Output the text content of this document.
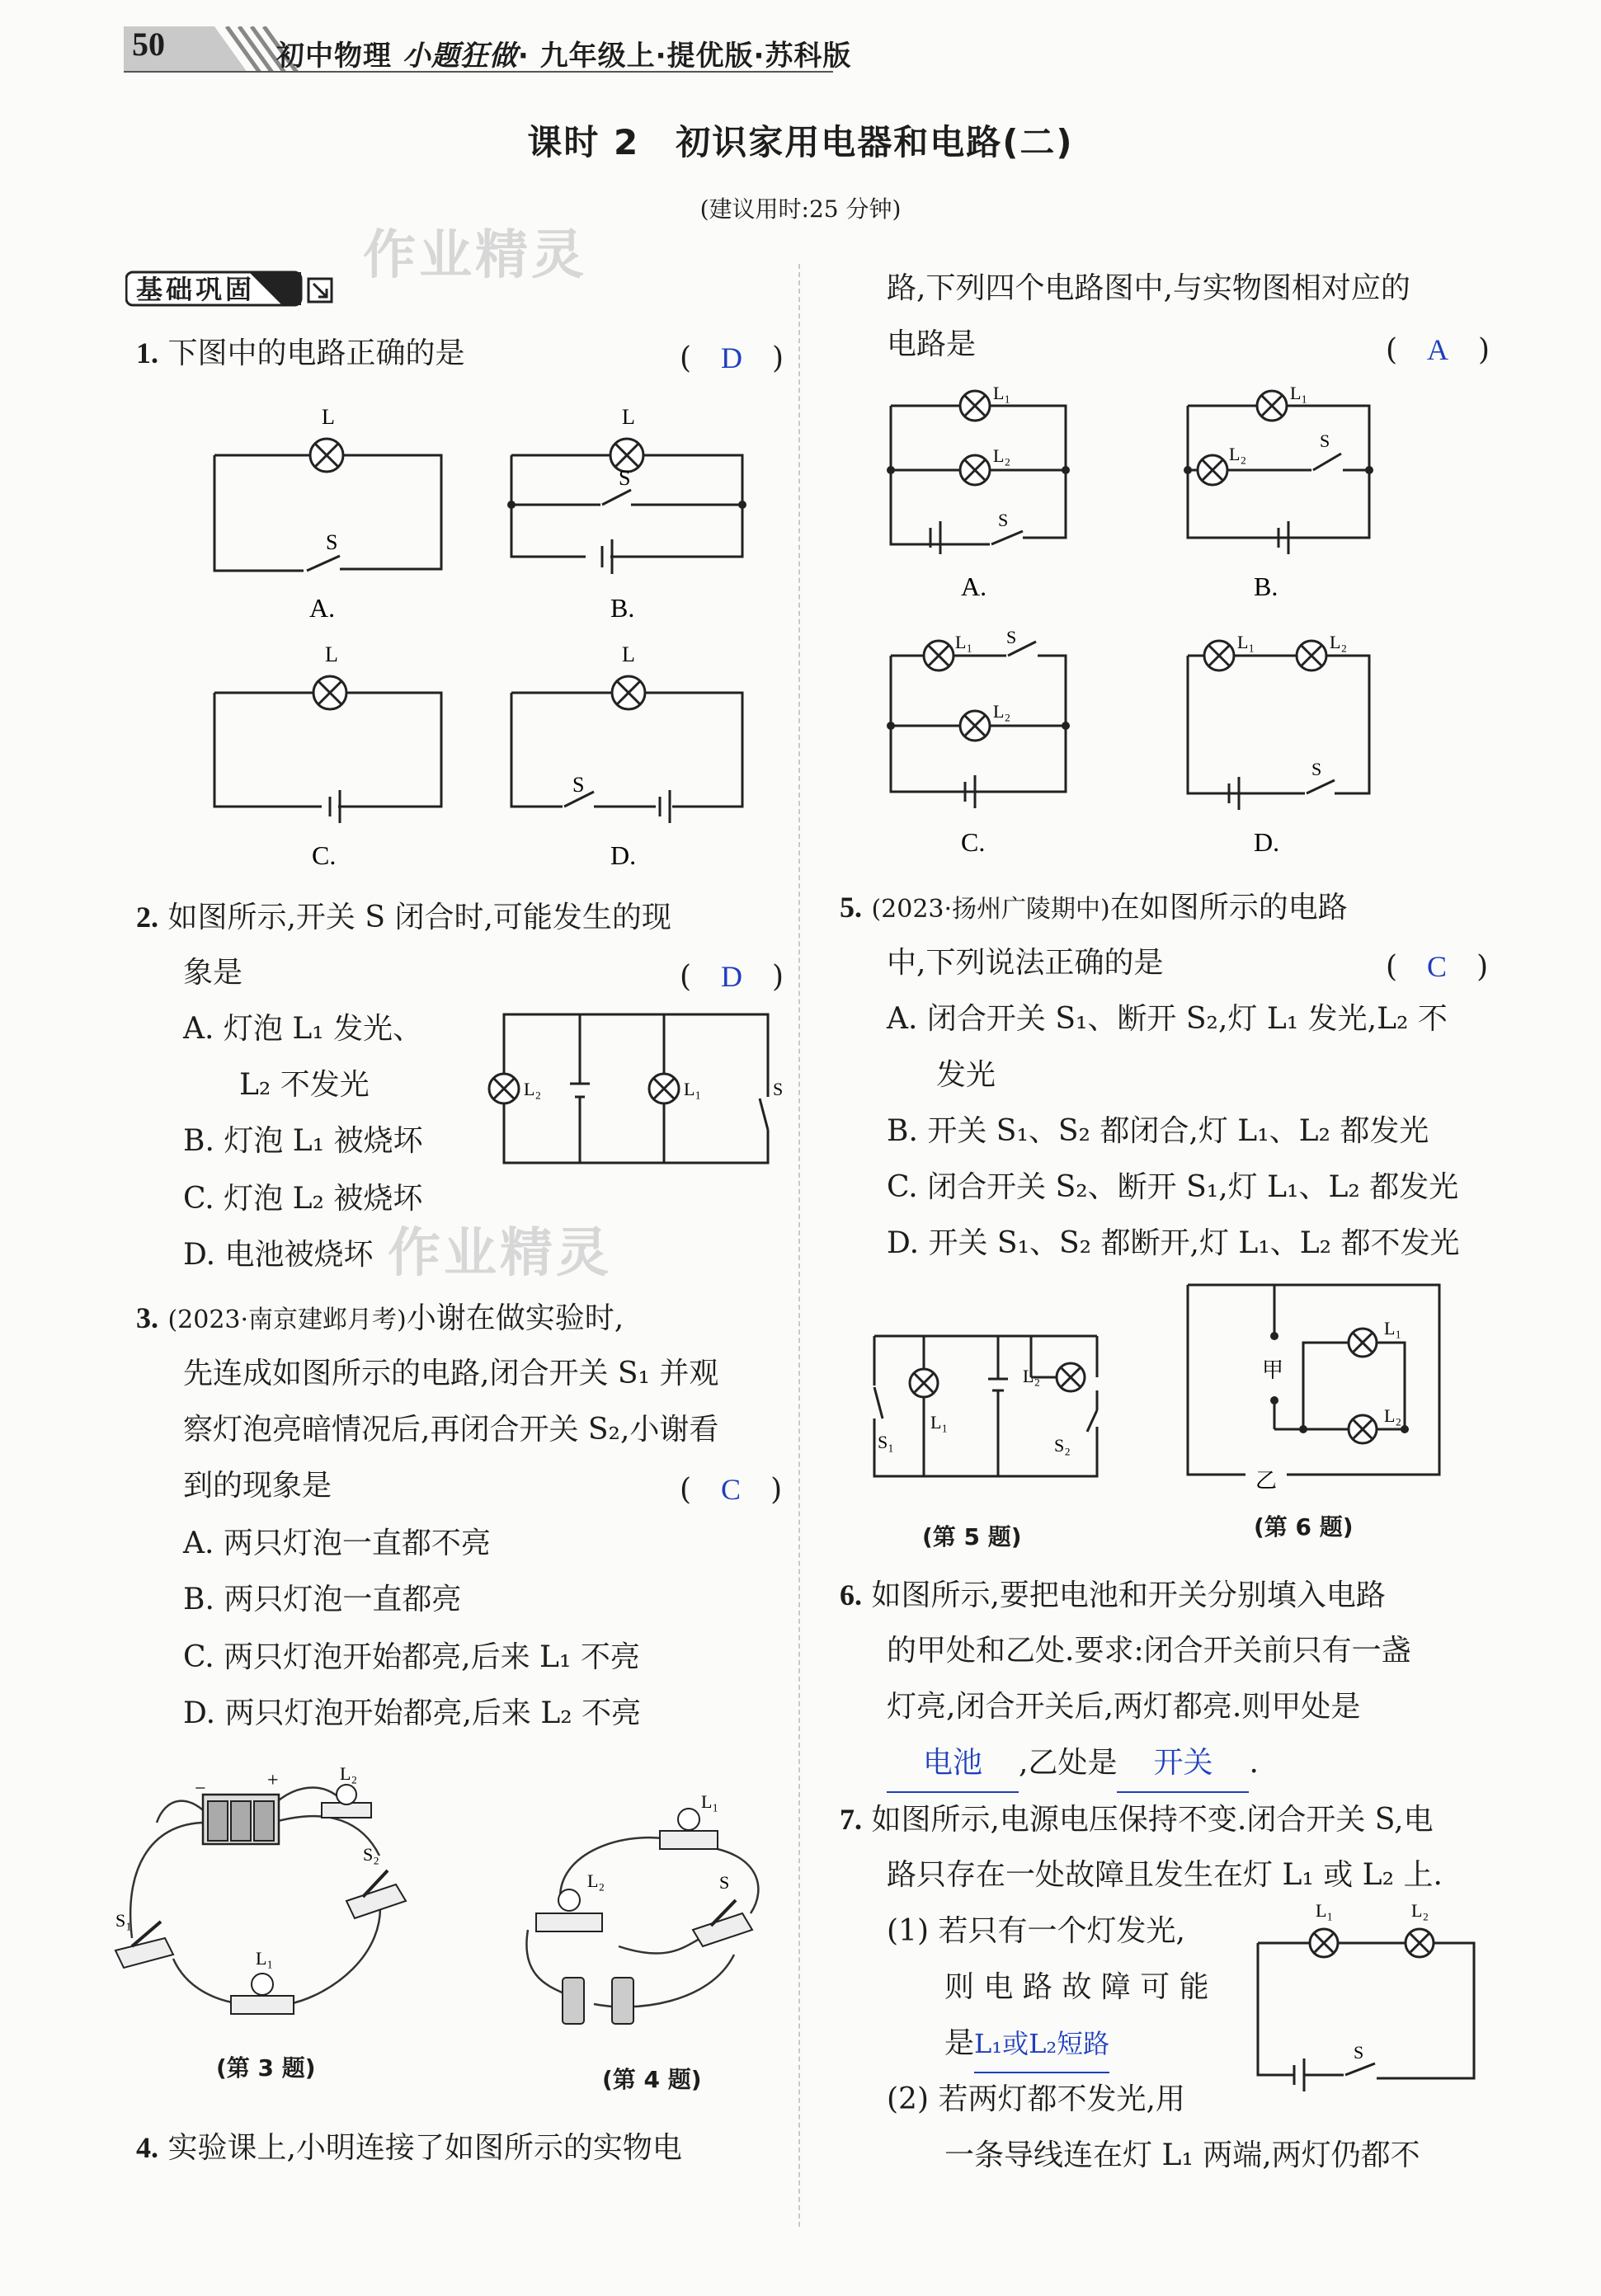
50	初中物理 小题狂做· 九年级上·提优版·苏科版
课时 2　初识家用电器和电路(二)
(建议用时:25 分钟)
作业精灵
作业精灵
基础巩固
1. 下图中的电路正确的是	(　D　)
L
S
L
S
L	L
S
A.	B.
C.	D.
2. 如图所示,开关 S 闭合时,可能发生的现
象是	(　D　)
A. 灯泡 L₁ 发光、
L₂ 不发光
B. 灯泡 L₁ 被烧坏
C. 灯泡 L₂ 被烧坏
D. 电池被烧坏
L₂	L₁	S
3. (2023·南京建邺月考)小谢在做实验时,
先连成如图所示的电路,闭合开关 S₁ 并观
察灯泡亮暗情况后,再闭合开关 S₂,小谢看
到的现象是	(　C　)
A. 两只灯泡一直都不亮
B. 两只灯泡一直都亮
C. 两只灯泡开始都亮,后来 L₁ 不亮
D. 两只灯泡开始都亮,后来 L₂ 不亮
−	+	L₂
S₁
S₂
L₁
(第 3 题)
L₁
L₂	S
(第 4 题)
4. 实验课上,小明连接了如图所示的实物电
路,下列四个电路图中,与实物图相对应的
电路是	(　A　)
L₁
L₂
S
L₁
L₂
S
L₁ S
L₂
L₁	L₂
S
A.	B.
C.	D.
5. (2023·扬州广陵期中)在如图所示的电路
中,下列说法正确的是	(　C　)
A. 闭合开关 S₁、断开 S₂,灯 L₁ 发光,L₂ 不
发光
B. 开关 S₁、S₂ 都闭合,灯 L₁、L₂ 都发光
C. 闭合开关 S₂、断开 S₁,灯 L₁、L₂ 都发光
D. 开关 S₁、S₂ 都断开,灯 L₁、L₂ 都不发光
S₁
L₁
L₂
S₂
(第 5 题)
甲
乙
L₁
L₂
(第 6 题)
6. 如图所示,要把电池和开关分别填入电路
的甲处和乙处.要求:闭合开关前只有一盏
灯亮,闭合开关后,两灯都亮.则甲处是
电池 ,乙处是 开关 .
7. 如图所示,电源电压保持不变.闭合开关 S,电
路只存在一处故障且发生在灯 L₁ 或 L₂ 上.
(1) 若只有一个灯发光,
则 电 路 故 障 可 能
是L₁或L₂短路
(2) 若两灯都不发光,用
一条导线连在灯 L₁ 两端,两灯仍都不
L₁	L₂
S
